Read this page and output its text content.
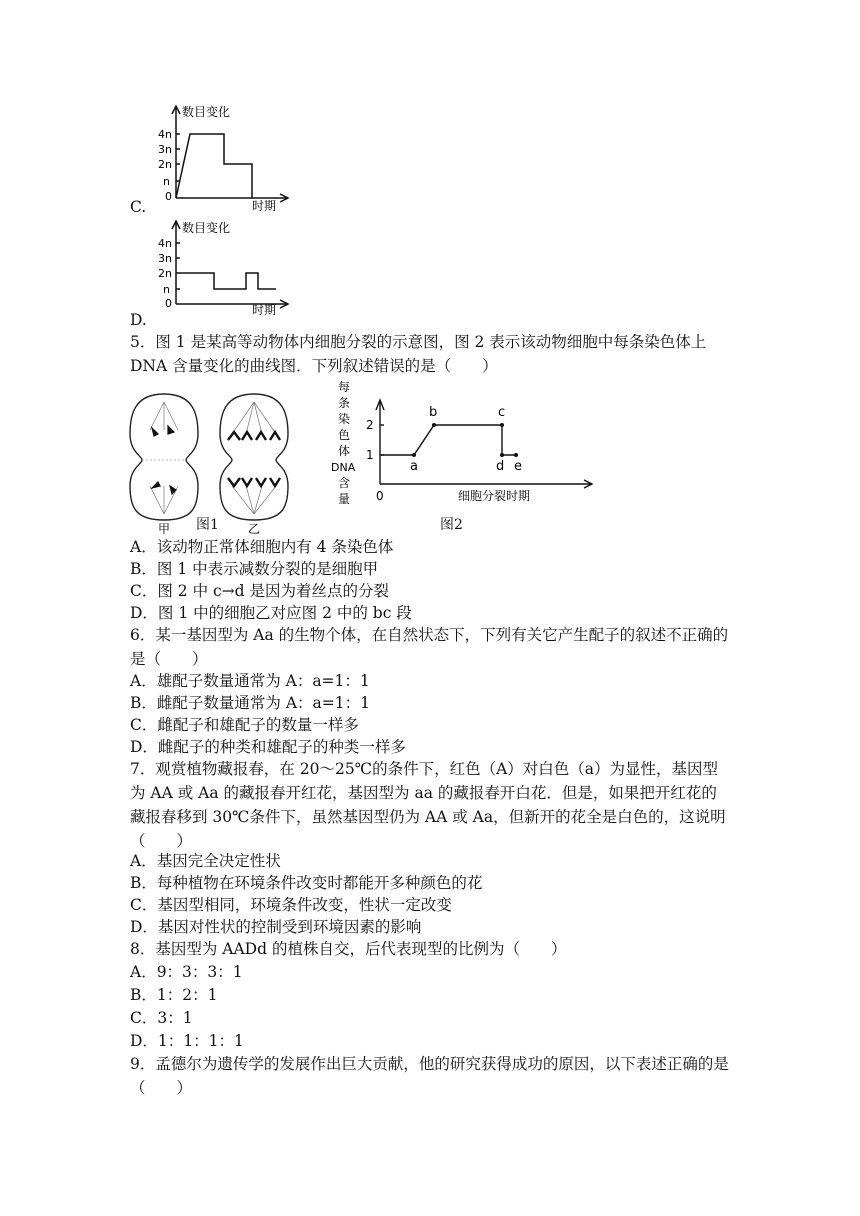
数目变化
4n
3n
2n
n
0
时期
C.
数目变化
4n
3n
2n
n
0	时期
D.
5．图 1 是某高等动物体内细胞分裂的示意图，图 2 表示该动物细胞中每条染色体上 DNA 含量变化的曲线图．下列叙述错误的是（　　）
甲	乙
图1
每
条
染
色
体
DNA
含
量
2
1
0
a
b	c
d e
细胞分裂时期
图2
A．该动物正常体细胞内有 4 条染色体
B．图 1 中表示减数分裂的是细胞甲
C．图 2 中 c→d 是因为着丝点的分裂
D．图 1 中的细胞乙对应图 2 中的 bc 段
6．某一基因型为 Aa 的生物个体，在自然状态下，下列有关它产生配子的叙述不正确的是（　　）
A．雄配子数量通常为 A：a=1：1
B．雌配子数量通常为 A：a=1：1
C．雌配子和雄配子的数量一样多
D．雌配子的种类和雄配子的种类一样多
7．观赏植物藏报春，在 20～25℃的条件下，红色（A）对白色（a）为显性，基因型为 AA 或 Aa 的藏报春开红花，基因型为 aa 的藏报春开白花．但是，如果把开红花的藏报春移到 30℃条件下，虽然基因型仍为 AA 或 Aa，但新开的花全是白色的，这说明（　　）
A．基因完全决定性状
B．每种植物在环境条件改变时都能开多种颜色的花
C．基因型相同，环境条件改变，性状一定改变
D．基因对性状的控制受到环境因素的影响
8．基因型为 AADd 的植株自交，后代表现型的比例为（　　）
A．9：3：3：1
B．1：2：1
C．3：1
D．1：1：1：1
9．孟德尔为遗传学的发展作出巨大贡献，他的研究获得成功的原因，以下表述正确的是（　　）
